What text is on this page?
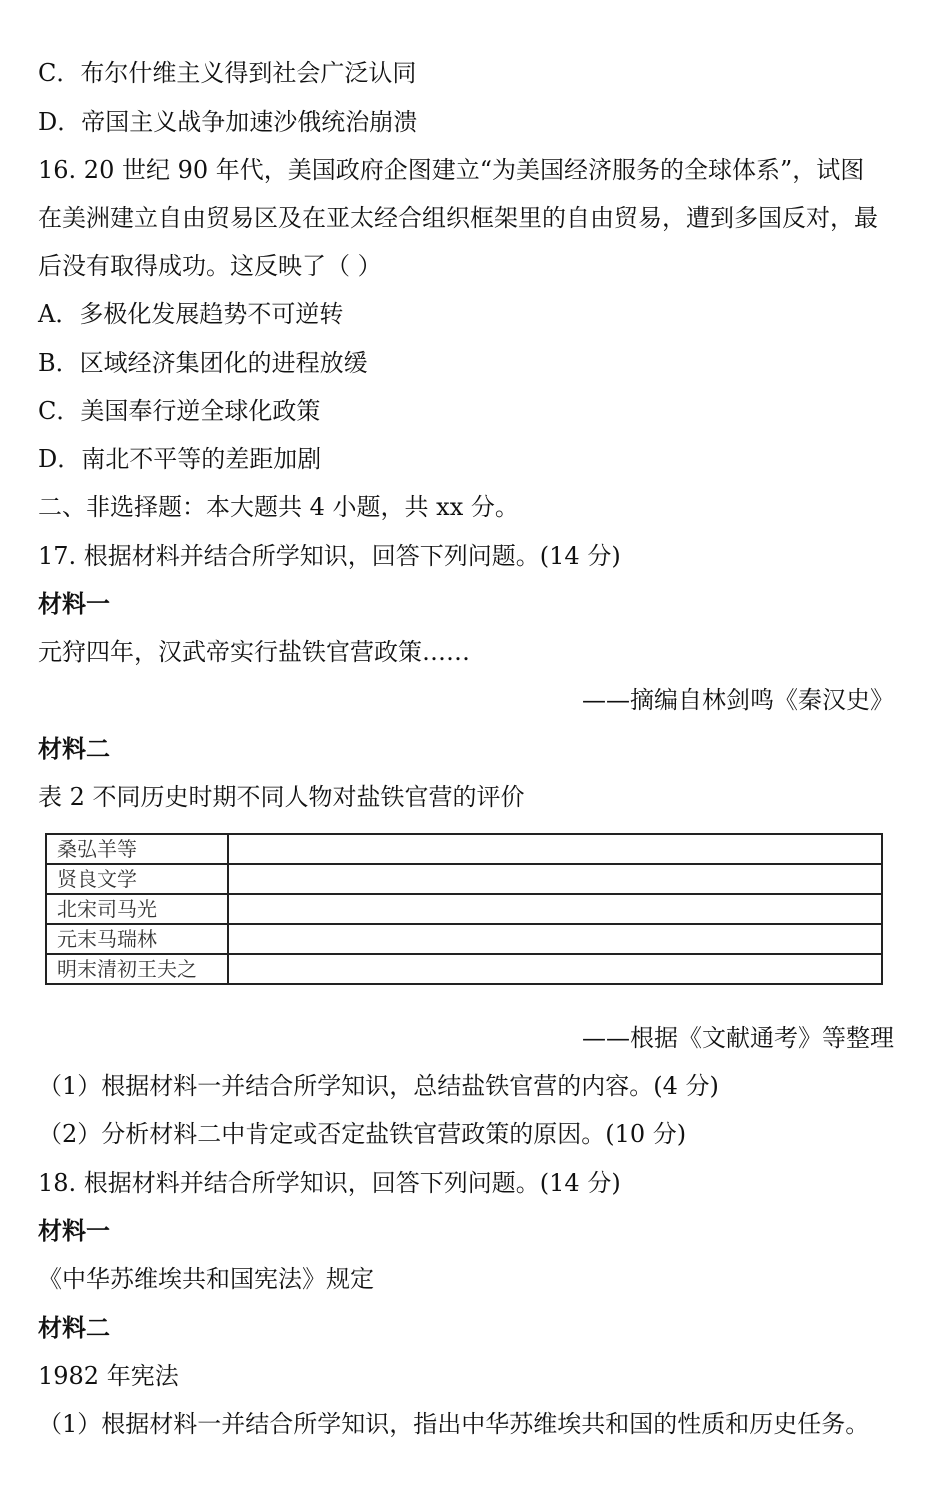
C．布尔什维主义得到社会广泛认同
D．帝国主义战争加速沙俄统治崩溃
16. 20 世纪 90 年代，美国政府企图建立“为美国经济服务的全球体系”，试图
在美洲建立自由贸易区及在亚太经合组织框架里的自由贸易，遭到多国反对，最
后没有取得成功。这反映了（ ）
A．多极化发展趋势不可逆转
B．区域经济集团化的进程放缓
C．美国奉行逆全球化政策
D．南北不平等的差距加剧
二、非选择题：本大题共 4 小题，共 xx 分。
17. 根据材料并结合所学知识，回答下列问题。(14 分)
材料一
元狩四年，汉武帝实行盐铁官营政策……
——摘编自林剑鸣《秦汉史》
材料二
表 2 不同历史时期不同人物对盐铁官营的评价
桑弘羊等	
贤良文学	
北宋司马光	
元末马瑞林	
明末清初王夫之	
——根据《文献通考》等整理
（1）根据材料一并结合所学知识，总结盐铁官营的内容。(4 分)
（2）分析材料二中肯定或否定盐铁官营政策的原因。(10 分)
18. 根据材料并结合所学知识，回答下列问题。(14 分)
材料一
《中华苏维埃共和国宪法》规定
材料二
1982 年宪法
（1）根据材料一并结合所学知识，指出中华苏维埃共和国的性质和历史任务。
